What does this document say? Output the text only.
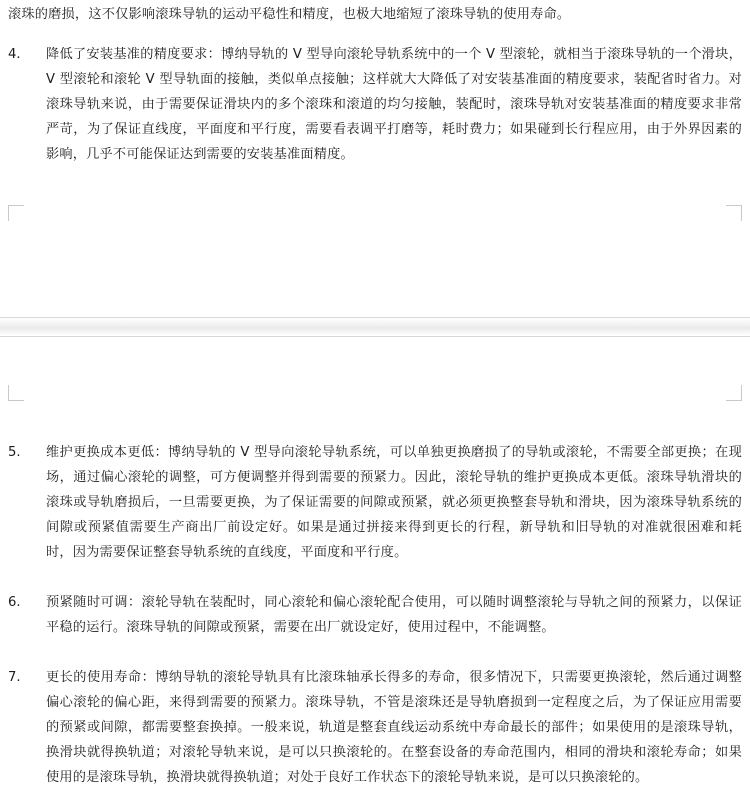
滚珠的磨损，这不仅影响滚珠导轨的运动平稳性和精度，也极大地缩短了滚珠导轨的使用寿命。
4.	降低了安装基准的精度要求：博纳导轨的 V 型导向滚轮导轨系统中的一个 V 型滚轮，就相当于滚珠导轨的一个滑块，V 型滚轮和滚轮 V 型导轨面的接触，类似单点接触；这样就大大降低了对安装基准面的精度要求，装配省时省力。对滚珠导轨来说，由于需要保证滑块内的多个滚珠和滚道的均匀接触，装配时，滚珠导轨对安装基准面的精度要求非常严苛，为了保证直线度，平面度和平行度，需要看表调平打磨等，耗时费力；如果碰到长行程应用，由于外界因素的影响，几乎不可能保证达到需要的安装基准面精度。
5.	维护更换成本更低：博纳导轨的 V 型导向滚轮导轨系统，可以单独更换磨损了的导轨或滚轮，不需要全部更换；在现场，通过偏心滚轮的调整，可方便调整并得到需要的预紧力。因此，滚轮导轨的维护更换成本更低。滚珠导轨滑块的滚珠或导轨磨损后，一旦需要更换，为了保证需要的间隙或预紧，就必须更换整套导轨和滑块，因为滚珠导轨系统的间隙或预紧值需要生产商出厂前设定好。如果是通过拼接来得到更长的行程，新导轨和旧导轨的对准就很困难和耗时，因为需要保证整套导轨系统的直线度，平面度和平行度。
6.	预紧随时可调：滚轮导轨在装配时，同心滚轮和偏心滚轮配合使用，可以随时调整滚轮与导轨之间的预紧力，以保证平稳的运行。滚珠导轨的间隙或预紧，需要在出厂就设定好，使用过程中，不能调整。
7.	更长的使用寿命：博纳导轨的滚轮导轨具有比滚珠轴承长得多的寿命，很多情况下，只需要更换滚轮，然后通过调整偏心滚轮的偏心距，来得到需要的预紧力。滚珠导轨，不管是滚珠还是导轨磨损到一定程度之后，为了保证应用需要的预紧或间隙，都需要整套换掉。一般来说，轨道是整套直线运动系统中寿命最长的部件；如果使用的是滚珠导轨，换滑块就得换轨道；对滚轮导轨来说，是可以只换滚轮的。在整套设备的寿命范围内，相同的滑块和滚轮寿命；如果使用的是滚珠导轨，换滑块就得换轨道；对处于良好工作状态下的滚轮导轨来说，是可以只换滚轮的。
